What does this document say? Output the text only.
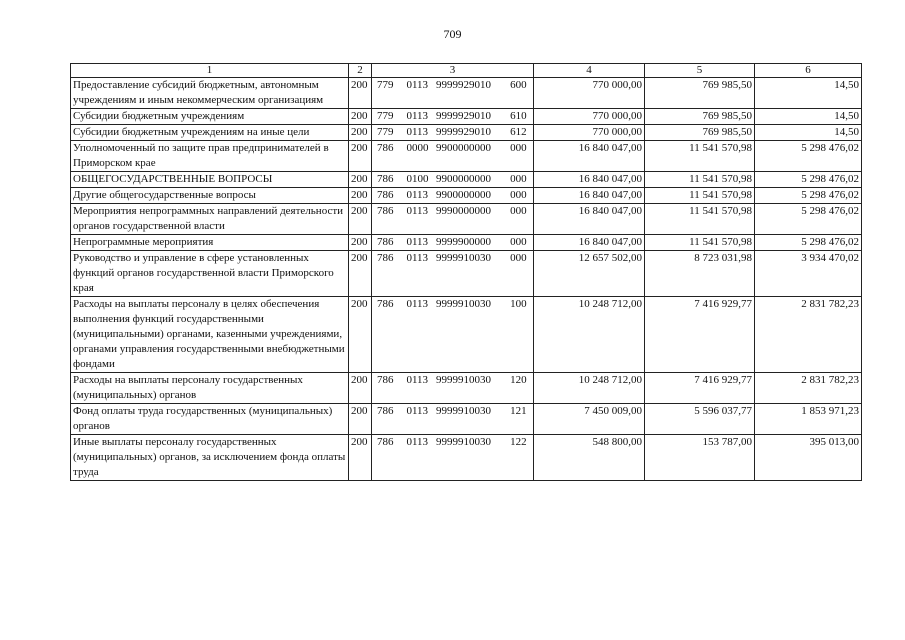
709
1	2	3	4	5	6
Предоставление субсидий бюджетным, автономным учреждениям и иным некоммерческим организациям	200	779 0113 9999929010 600	770 000,00	769 985,50	14,50
Субсидии бюджетным учреждениям	200	779 0113 9999929010 610	770 000,00	769 985,50	14,50
Субсидии бюджетным учреждениям на иные цели	200	779 0113 9999929010 612	770 000,00	769 985,50	14,50
Уполномоченный по защите прав предпринимателей в Приморском крае	200	786 0000 9900000000 000	16 840 047,00	11 541 570,98	5 298 476,02
ОБЩЕГОСУДАРСТВЕННЫЕ ВОПРОСЫ	200	786 0100 9900000000 000	16 840 047,00	11 541 570,98	5 298 476,02
Другие общегосударственные вопросы	200	786 0113 9900000000 000	16 840 047,00	11 541 570,98	5 298 476,02
Мероприятия непрограммных направлений деятельности органов государственной власти	200	786 0113 9990000000 000	16 840 047,00	11 541 570,98	5 298 476,02
Непрограммные мероприятия	200	786 0113 9999900000 000	16 840 047,00	11 541 570,98	5 298 476,02
Руководство и управление в сфере установленных функций органов государственной власти Приморского края	200	786 0113 9999910030 000	12 657 502,00	8 723 031,98	3 934 470,02
Расходы на выплаты персоналу в целях обеспечения выполнения функций государственными (муниципальными) органами, казенными учреждениями, органами управления государственными внебюджетными фондами	200	786 0113 9999910030 100	10 248 712,00	7 416 929,77	2 831 782,23
Расходы на выплаты персоналу государственных (муниципальных) органов	200	786 0113 9999910030 120	10 248 712,00	7 416 929,77	2 831 782,23
Фонд оплаты труда государственных (муниципальных) органов	200	786 0113 9999910030 121	7 450 009,00	5 596 037,77	1 853 971,23
Иные выплаты персоналу государственных (муниципальных) органов, за исключением фонда оплаты труда	200	786 0113 9999910030 122	548 800,00	153 787,00	395 013,00
